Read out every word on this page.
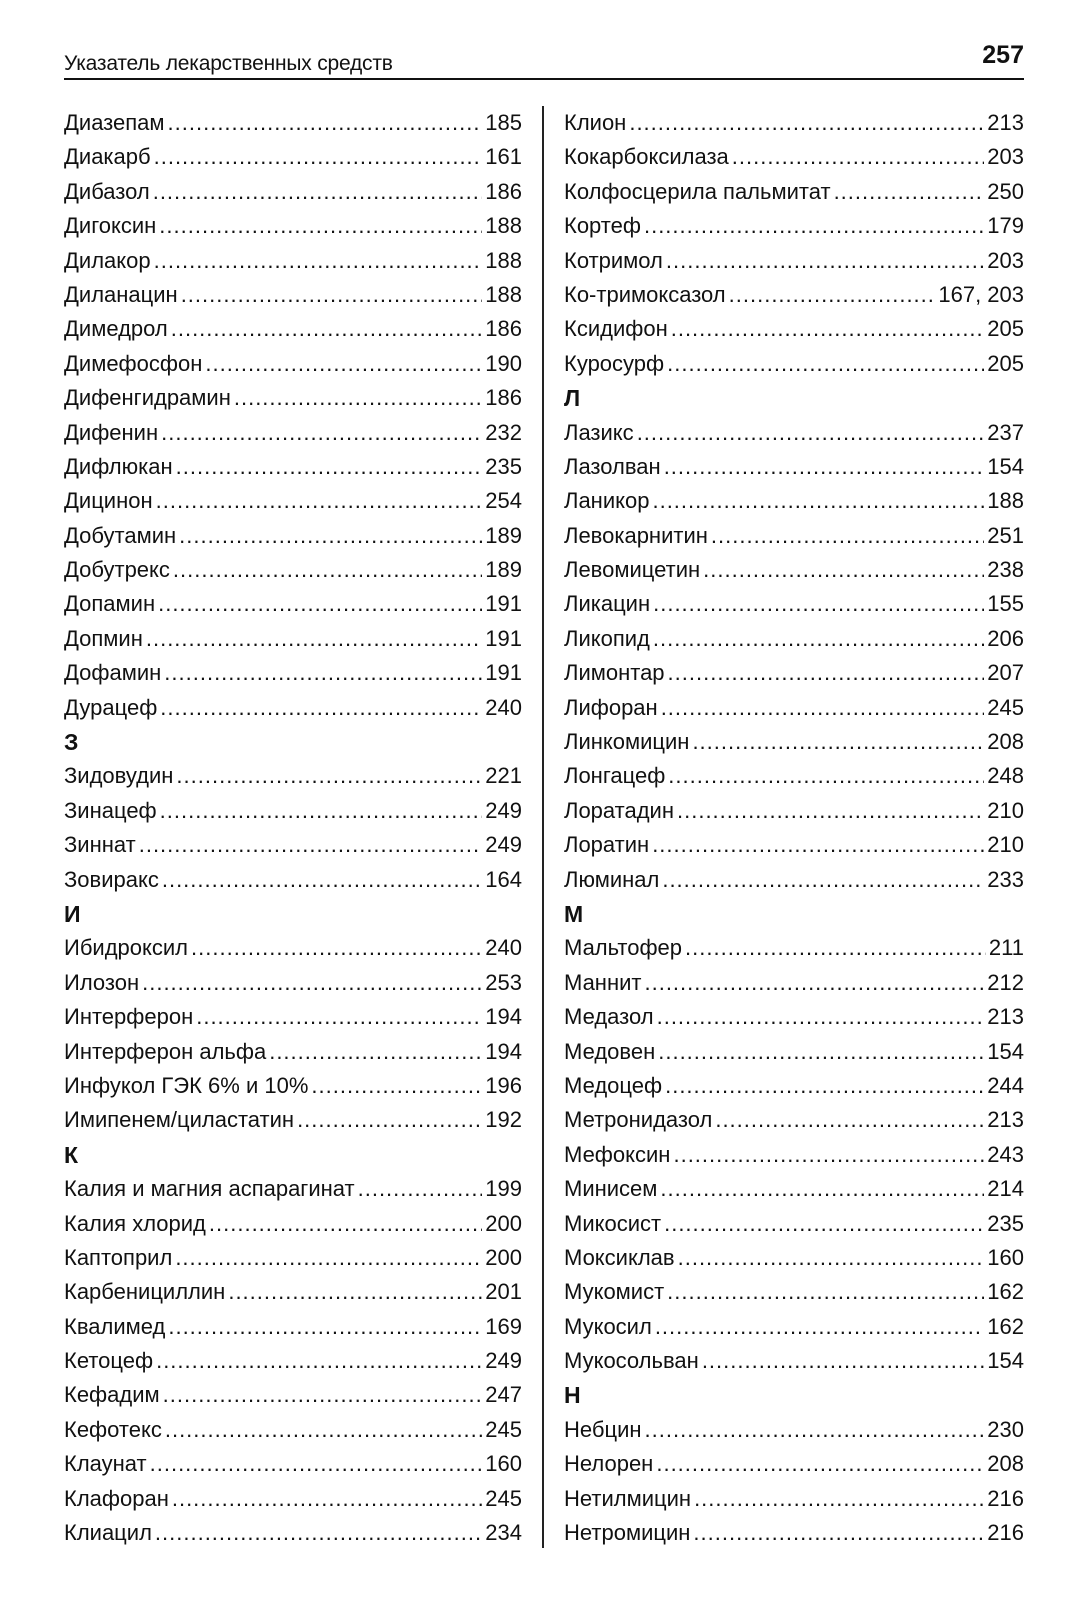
Указатель лекарственных средств	257
Диазепам .....	185
Диакарб .....	161
Дибазол .....	186
Дигоксин .....	188
Дилакор .....	188
Диланацин .....	188
Димедрол .....	186
Димефосфон .....	190
Дифенгидрамин .....	186
Дифенин .....	232
Дифлюкан .....	235
Дицинон .....	254
Добутамин .....	189
Добутрекс .....	189
Допамин .....	191
Допмин .....	191
Дофамин .....	191
Дурацеф .....	240
З
Зидовудин .....	221
Зинацеф .....	249
Зиннат .....	249
Зовиракс .....	164
И
Ибидроксил .....	240
Илозон .....	253
Интерферон .....	194
Интерферон альфа .....	194
Инфукол ГЭК 6% и 10% .....	196
Имипенем/циластатин .....	192
К
Калия и магния аспарагинат .....	199
Калия хлорид .....	200
Каптоприл .....	200
Карбенициллин .....	201
Квалимед .....	169
Кетоцеф .....	249
Кефадим .....	247
Кефотекс .....	245
Клаунат .....	160
Клафоран .....	245
Клиацил .....	234
Клион .....	213
Кокарбоксилаза .....	203
Колфосцерила пальмитат .....	250
Кортеф .....	179
Котримол .....	203
Ко-тримоксазол .....	167, 203
Ксидифон .....	205
Куросурф .....	205
Л
Лазикс .....	237
Лазолван .....	154
Ланикор .....	188
Левокарнитин .....	251
Левомицетин .....	238
Ликацин .....	155
Ликопид .....	206
Лимонтар .....	207
Лифоран .....	245
Линкомицин .....	208
Лонгацеф .....	248
Лоратадин .....	210
Лоратин .....	210
Люминал .....	233
М
Мальтофер .....	211
Маннит .....	212
Медазол .....	213
Медовен .....	154
Медоцеф .....	244
Метронидазол .....	213
Мефоксин .....	243
Минисем .....	214
Микосист .....	235
Моксиклав .....	160
Мукомист .....	162
Мукосил .....	162
Мукосольван .....	154
Н
Небцин .....	230
Нелорен .....	208
Нетилмицин .....	216
Нетромицин .....	216
